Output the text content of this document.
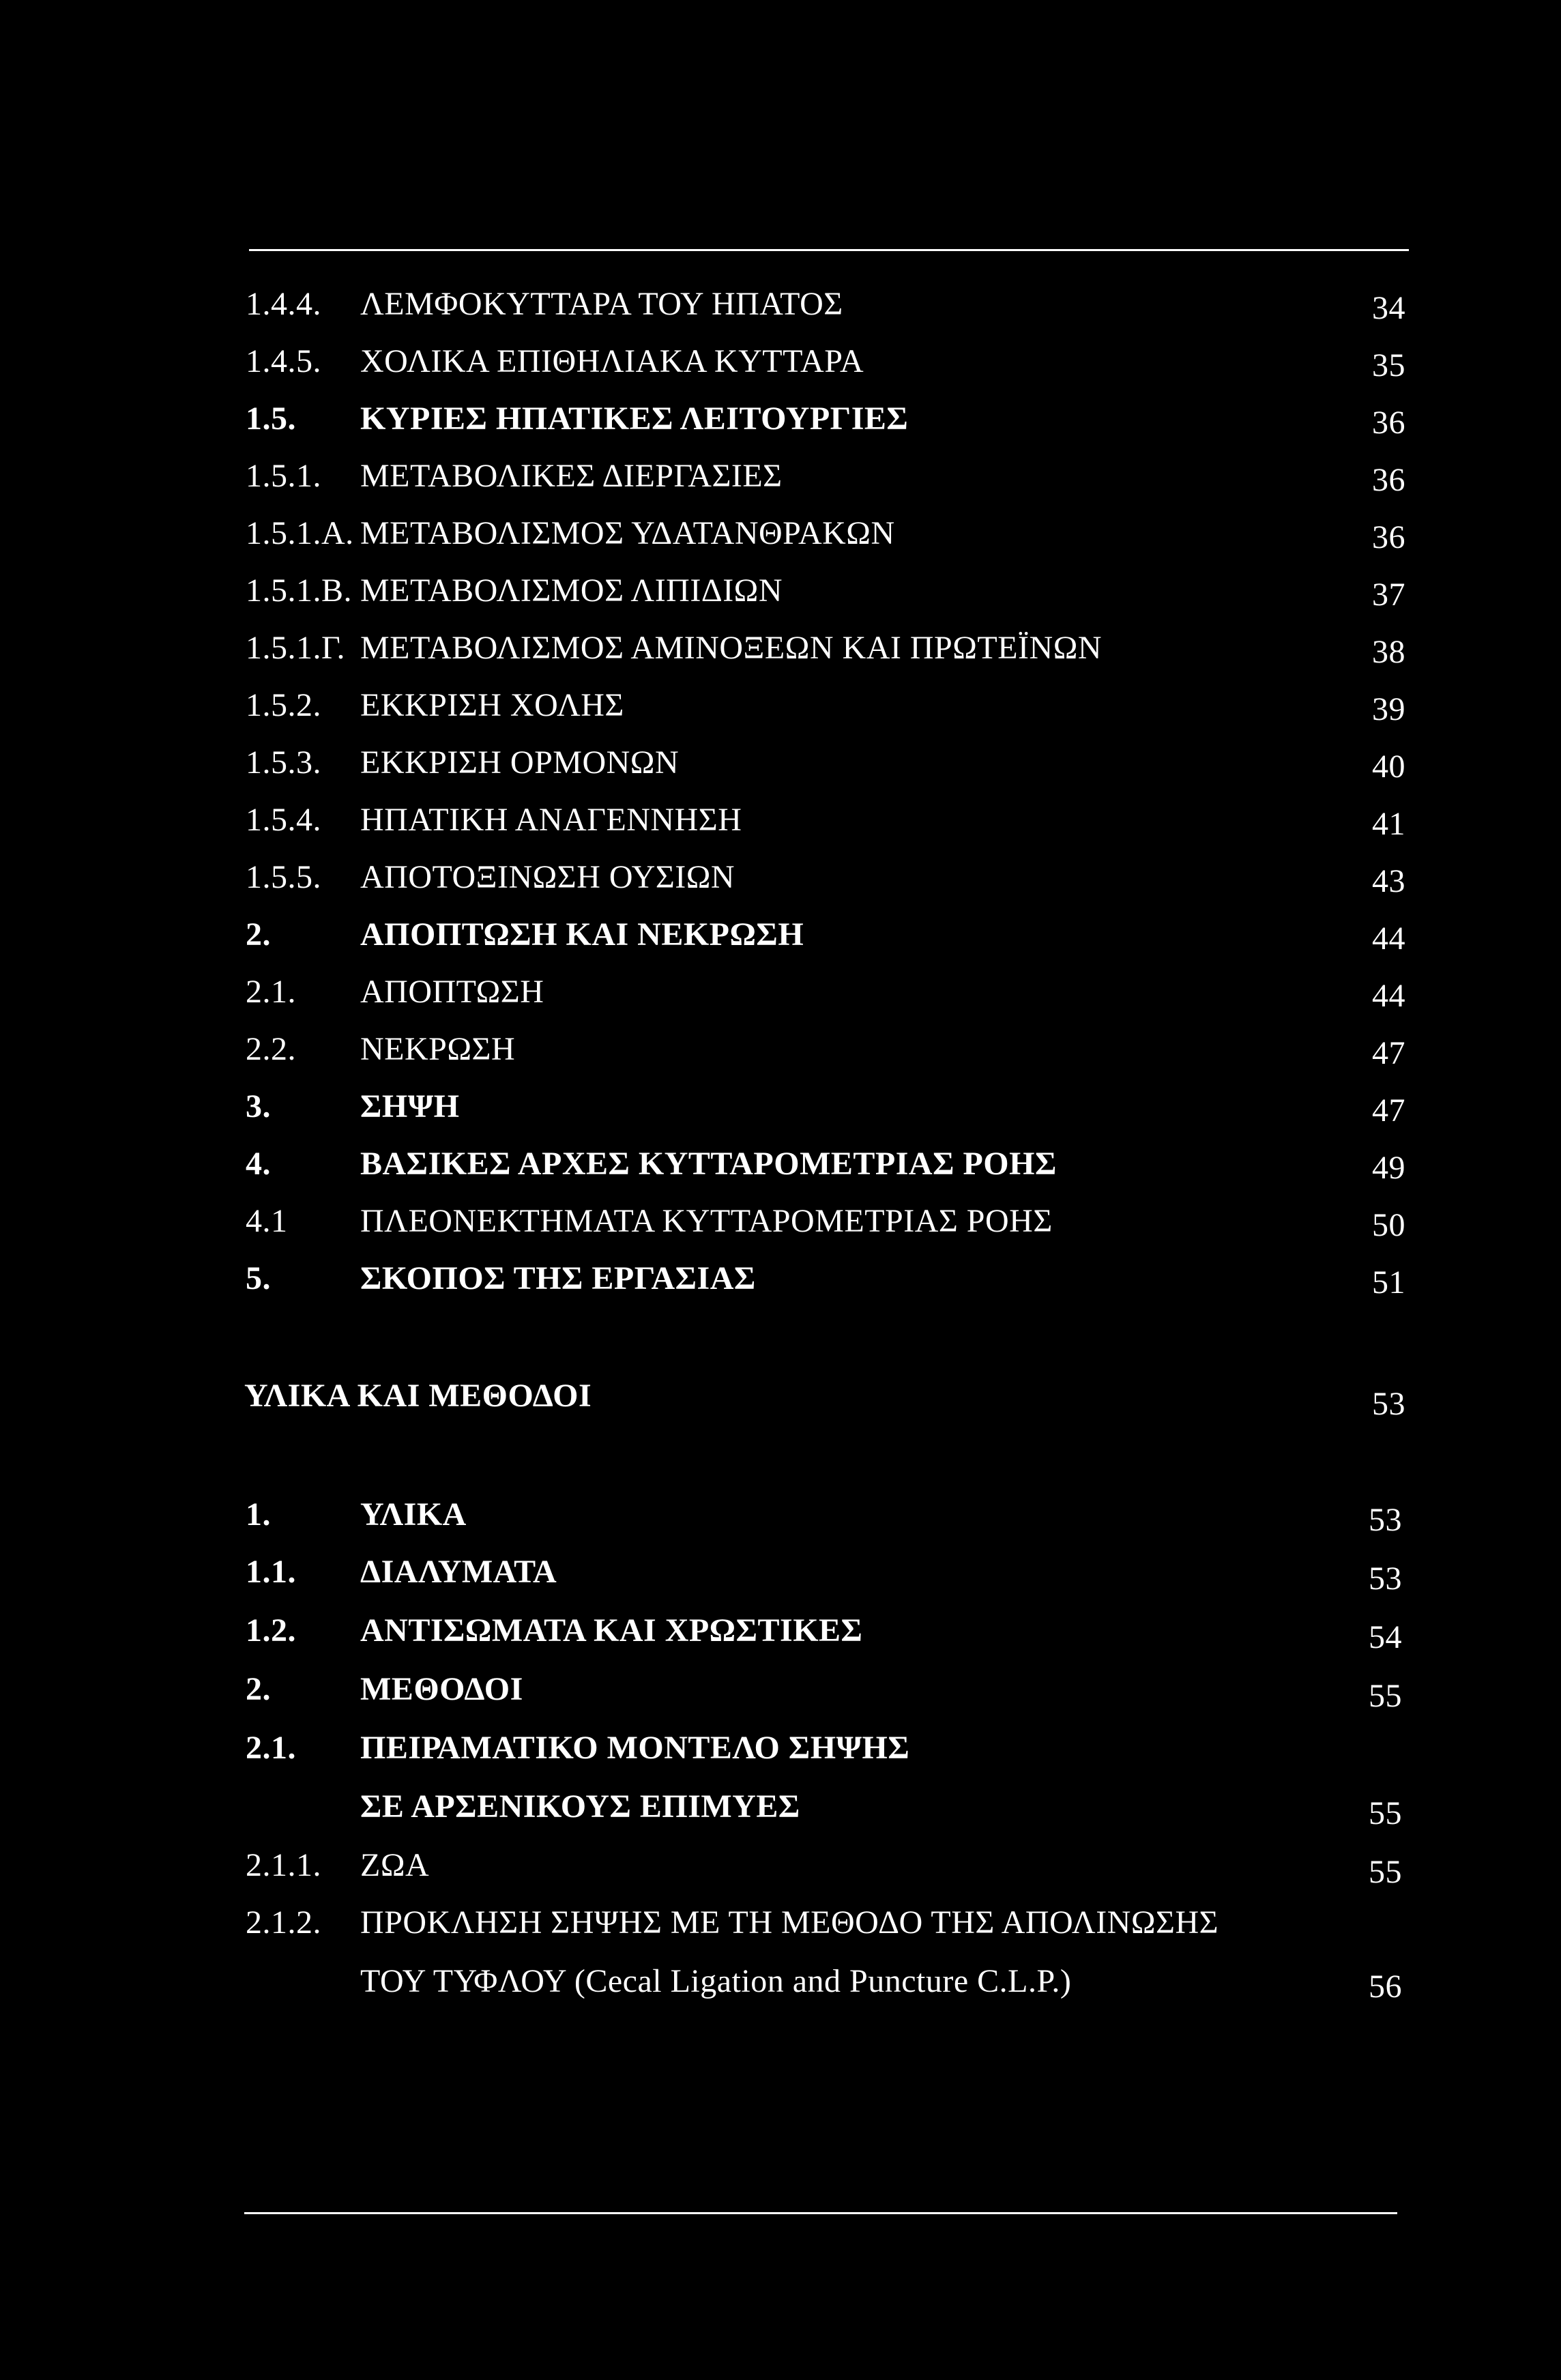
1.4.4. ΛΕΜΦΟΚΥΤΤΑΡΑ ΤΟΥ ΗΠΑΤΟΣ	34
1.4.5. ΧΟΛΙΚΑ ΕΠΙΘΗΛΙΑΚΑ ΚΥΤΤΑΡΑ	35
1.5. ΚΥΡΙΕΣ ΗΠΑΤΙΚΕΣ ΛΕΙΤΟΥΡΓΙΕΣ	36
1.5.1. ΜΕΤΑΒΟΛΙΚΕΣ ΔΙΕΡΓΑΣΙΕΣ	36
1.5.1.Α. ΜΕΤΑΒΟΛΙΣΜΟΣ ΥΔΑΤΑΝΘΡΑΚΩΝ	36
1.5.1.Β. ΜΕΤΑΒΟΛΙΣΜΟΣ ΛΙΠΙΔΙΩΝ	37
1.5.1.Γ. ΜΕΤΑΒΟΛΙΣΜΟΣ ΑΜΙΝΟΞΕΩΝ ΚΑΙ ΠΡΩΤΕΪΝΩΝ	38
1.5.2. ΕΚΚΡΙΣΗ ΧΟΛΗΣ	39
1.5.3. ΕΚΚΡΙΣΗ ΟΡΜΟΝΩΝ	40
1.5.4. ΗΠΑΤΙΚΗ ΑΝΑΓΕΝΝΗΣΗ	41
1.5.5. ΑΠΟΤΟΞΙΝΩΣΗ ΟΥΣΙΩΝ	43
2.	ΑΠΟΠΤΩΣΗ ΚΑΙ ΝΕΚΡΩΣΗ	44
2.1. ΑΠΟΠΤΩΣΗ	44
2.2. ΝΕΚΡΩΣΗ	47
3.	ΣΗΨΗ	47
4.	ΒΑΣΙΚΕΣ ΑΡΧΕΣ ΚΥΤΤΑΡΟΜΕΤΡΙΑΣ ΡΟΗΣ	49
4.1 ΠΛΕΟΝΕΚΤΗΜΑΤΑ ΚΥΤΤΑΡΟΜΕΤΡΙΑΣ ΡΟΗΣ	50
5.	ΣΚΟΠΟΣ ΤΗΣ ΕΡΓΑΣΙΑΣ	51
ΥΛΙΚΑ ΚΑΙ ΜΕΘΟΔΟΙ	53
1.	ΥΛΙΚΑ	53
1.1. ΔΙΑΛΥΜΑΤΑ	53
1.2. ΑΝΤΙΣΩΜΑΤΑ ΚΑΙ ΧΡΩΣΤΙΚΕΣ	54
2.	ΜΕΘΟΔΟΙ	55
2.1. ΠΕΙΡΑΜΑΤΙΚΟ ΜΟΝΤΕΛΟ ΣΗΨΗΣ
ΣΕ ΑΡΣΕΝΙΚΟΥΣ ΕΠΙΜΥΕΣ	55
2.1.1. ΖΩΑ	55
2.1.2. ΠΡΟΚΛΗΣΗ ΣΗΨΗΣ ΜΕ ΤΗ ΜΕΘΟΔΟ ΤΗΣ ΑΠΟΛΙΝΩΣΗΣ
ΤΟΥ ΤΥΦΛΟΥ (Cecal Ligation and Puncture C.L.P.)	56
